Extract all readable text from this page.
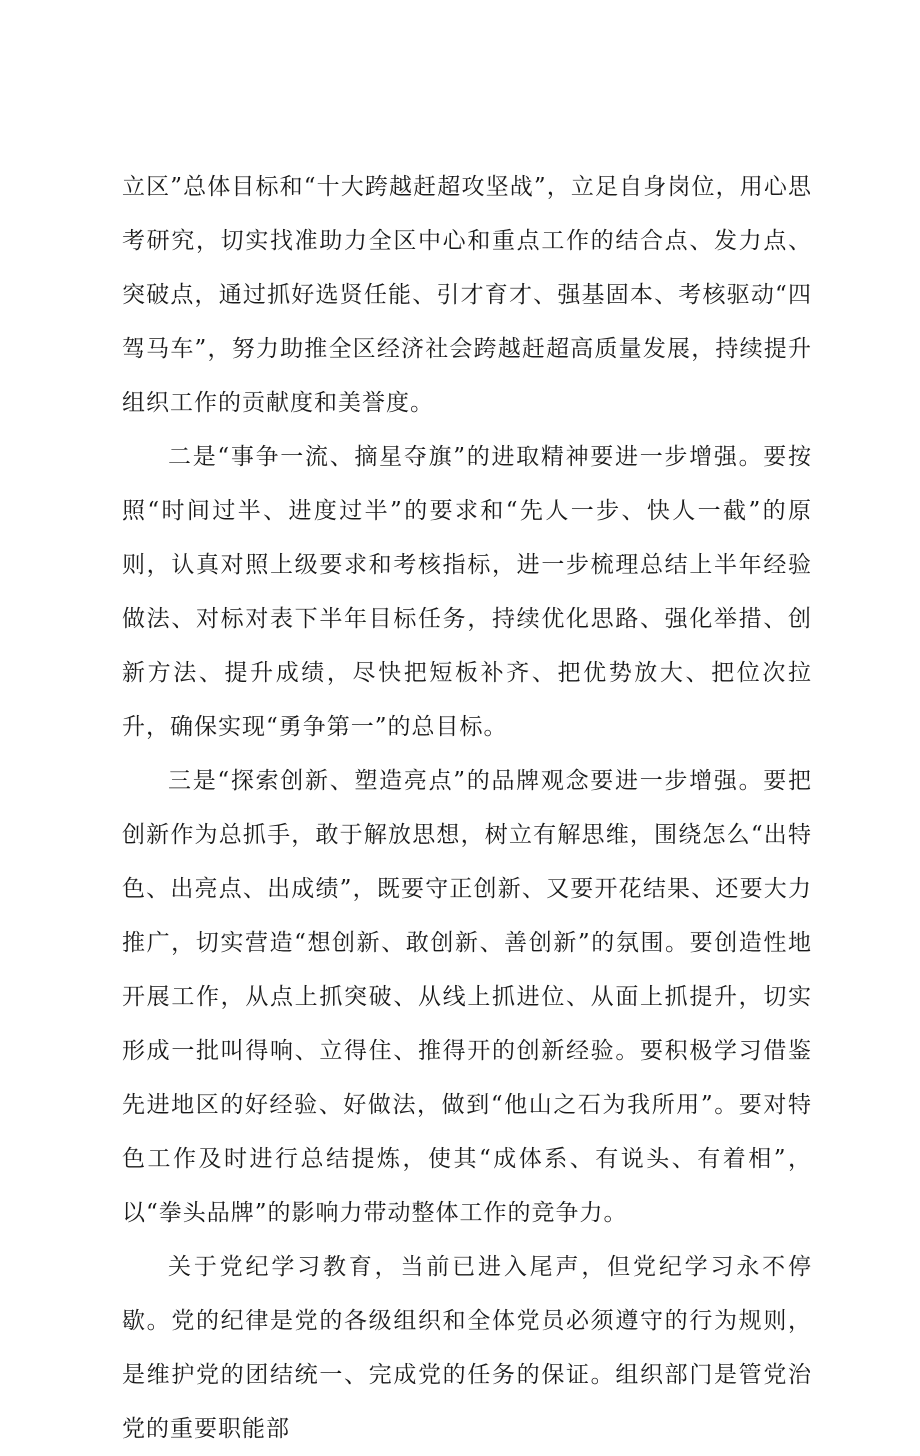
立区”总体目标和“十大跨越赶超攻坚战”，立足自身岗位，用心思考研究，切实找准助力全区中心和重点工作的结合点、发力点、突破点，通过抓好选贤任能、引才育才、强基固本、考核驱动“四驾马车”，努力助推全区经济社会跨越赶超高质量发展，持续提升组织工作的贡献度和美誉度。

二是“事争一流、摘星夺旗”的进取精神要进一步增强。要按照“时间过半、进度过半”的要求和“先人一步、快人一截”的原则，认真对照上级要求和考核指标，进一步梳理总结上半年经验做法、对标对表下半年目标任务，持续优化思路、强化举措、创新方法、提升成绩，尽快把短板补齐、把优势放大、把位次拉升，确保实现“勇争第一”的总目标。

三是“探索创新、塑造亮点”的品牌观念要进一步增强。要把创新作为总抓手，敢于解放思想，树立有解思维，围绕怎么“出特色、出亮点、出成绩”，既要守正创新、又要开花结果、还要大力推广，切实营造“想创新、敢创新、善创新”的氛围。要创造性地开展工作，从点上抓突破、从线上抓进位、从面上抓提升，切实形成一批叫得响、立得住、推得开的创新经验。要积极学习借鉴先进地区的好经验、好做法，做到“他山之石为我所用”。要对特色工作及时进行总结提炼，使其“成体系、有说头、有着相”，以“拳头品牌”的影响力带动整体工作的竞争力。

关于党纪学习教育，当前已进入尾声，但党纪学习永不停歇。党的纪律是党的各级组织和全体党员必须遵守的行为规则，是维护党的团结统一、完成党的任务的保证。组织部门是管党治党的重要职能部
